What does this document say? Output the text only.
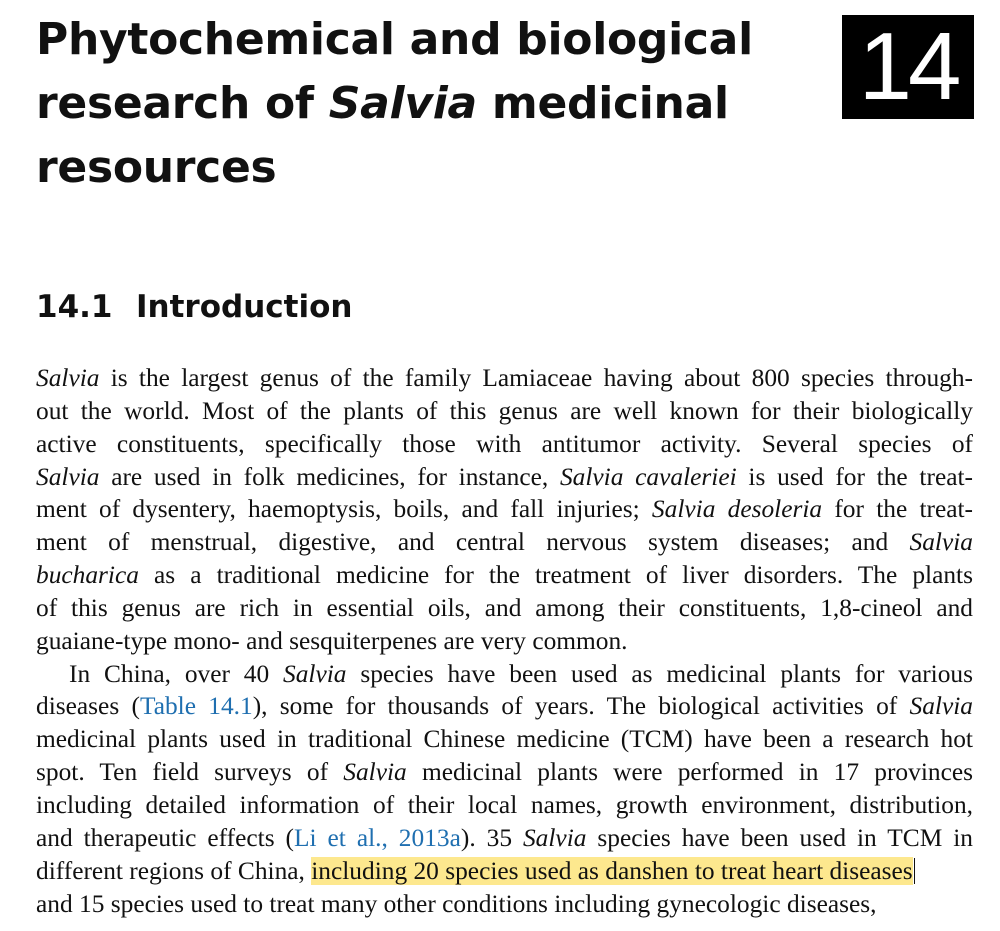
Phytochemical and biological research of Salvia medicinal resources
14
14.1 Introduction
Salvia is the largest genus of the family Lamiaceae having about 800 species through-
out the world. Most of the plants of this genus are well known for their biologically
active constituents, specifically those with antitumor activity. Several species of
Salvia are used in folk medicines, for instance, Salvia cavaleriei is used for the treat-
ment of dysentery, haemoptysis, boils, and fall injuries; Salvia desoleria for the treat-
ment of menstrual, digestive, and central nervous system diseases; and Salvia
bucharica as a traditional medicine for the treatment of liver disorders. The plants
of this genus are rich in essential oils, and among their constituents, 1,8-cineol and
guaiane-type mono- and sesquiterpenes are very common.
In China, over 40 Salvia species have been used as medicinal plants for various
diseases (Table 14.1), some for thousands of years. The biological activities of Salvia
medicinal plants used in traditional Chinese medicine (TCM) have been a research hot
spot. Ten field surveys of Salvia medicinal plants were performed in 17 provinces
including detailed information of their local names, growth environment, distribution,
and therapeutic effects (Li et al., 2013a). 35 Salvia species have been used in TCM in
different regions of China, including 20 species used as danshen to treat heart diseases
and 15 species used to treat many other conditions including gynecologic diseases,
